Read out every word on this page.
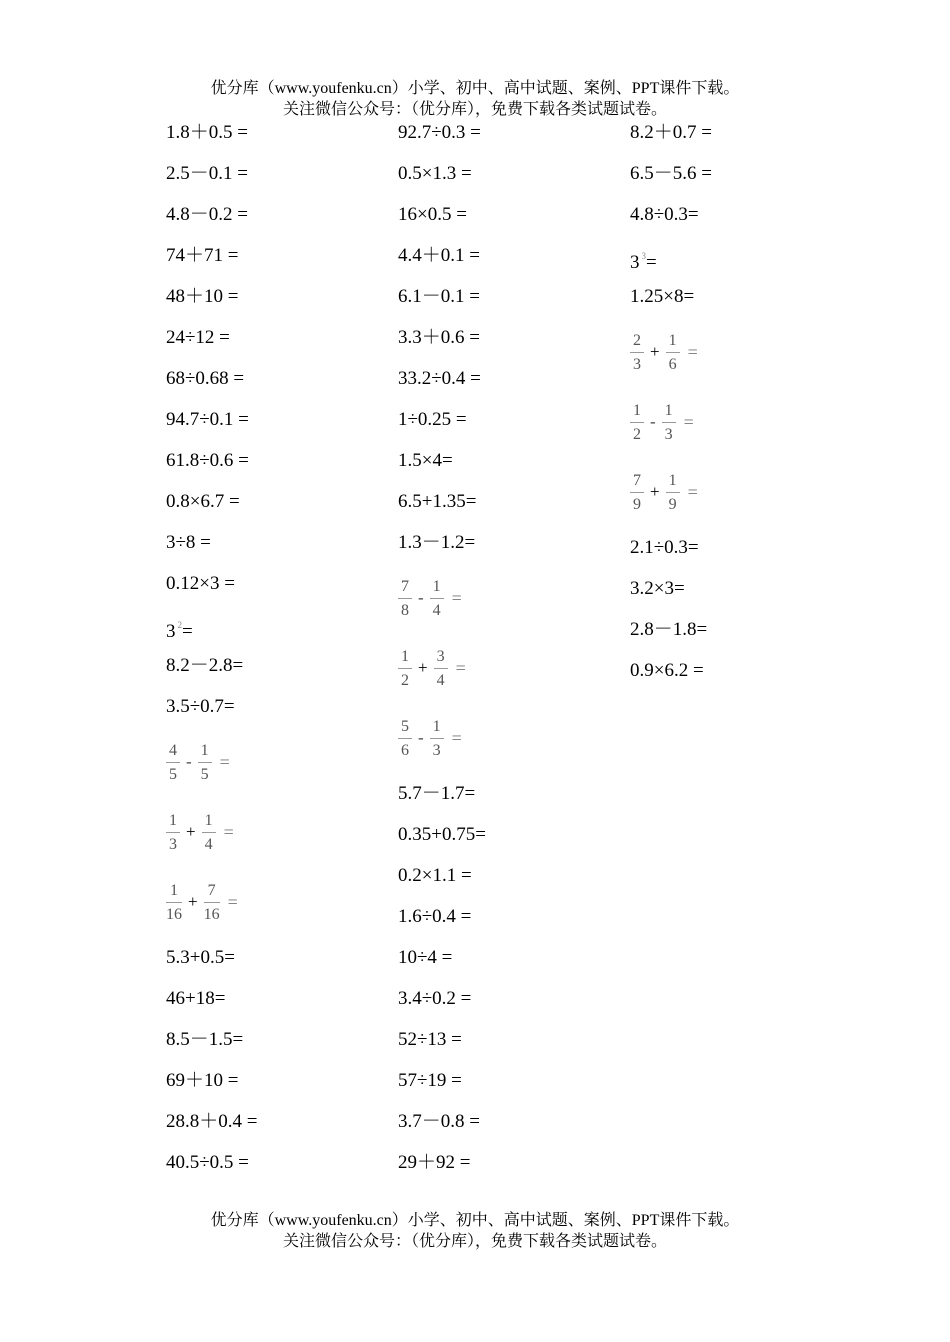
优分库（www.youfenku.cn）小学、初中、高中试题、案例、PPT课件下载。
关注微信公众号：（优分库），免费下载各类试题试卷。
1.8＋0.5 =
2.5－0.1 =
4.8－0.2 =
74＋71 =
48＋10 =
24÷12 =
68÷0.68 =
94.7÷0.1 =
61.8÷0.6 =
0.8×6.7 =
3÷8 =
0.12×3 =
3 $^2$=
8.2－2.8=
3.5÷0.7=
$\frac{4}{5} - \frac{1}{5}$ =
$\frac{1}{3} + \frac{1}{4}$ =
$\frac{1}{16} + \frac{7}{16}$ =
5.3+0.5=
46+18=
8.5－1.5=
69＋10 =
28.8＋0.4 =
40.5÷0.5 =
92.7÷0.3 =
0.5×1.3 =
16×0.5 =
4.4＋0.1 =
6.1－0.1 =
3.3＋0.6 =
33.2÷0.4 =
1÷0.25 =
1.5×4=
6.5+1.35=
1.3－1.2=
$\frac{7}{8} - \frac{1}{4}$ =
$\frac{1}{2} + \frac{3}{4}$ =
$\frac{5}{6} - \frac{1}{3}$ =
5.7－1.7=
0.35+0.75=
0.2×1.1 =
1.6÷0.4 =
10÷4 =
3.4÷0.2 =
52÷13 =
57÷19 =
3.7－0.8 =
29＋92 =
8.2＋0.7 =
6.5－5.6 =
4.8÷0.3=
3 $^3$=
1.25×8=
$\frac{2}{3} + \frac{1}{6}$ =
$\frac{1}{2} - \frac{1}{3}$ =
$\frac{7}{9} + \frac{1}{9}$ =
2.1÷0.3=
3.2×3=
2.8－1.8=
0.9×6.2 =
优分库（www.youfenku.cn）小学、初中、高中试题、案例、PPT课件下载。
关注微信公众号：（优分库），免费下载各类试题试卷。
